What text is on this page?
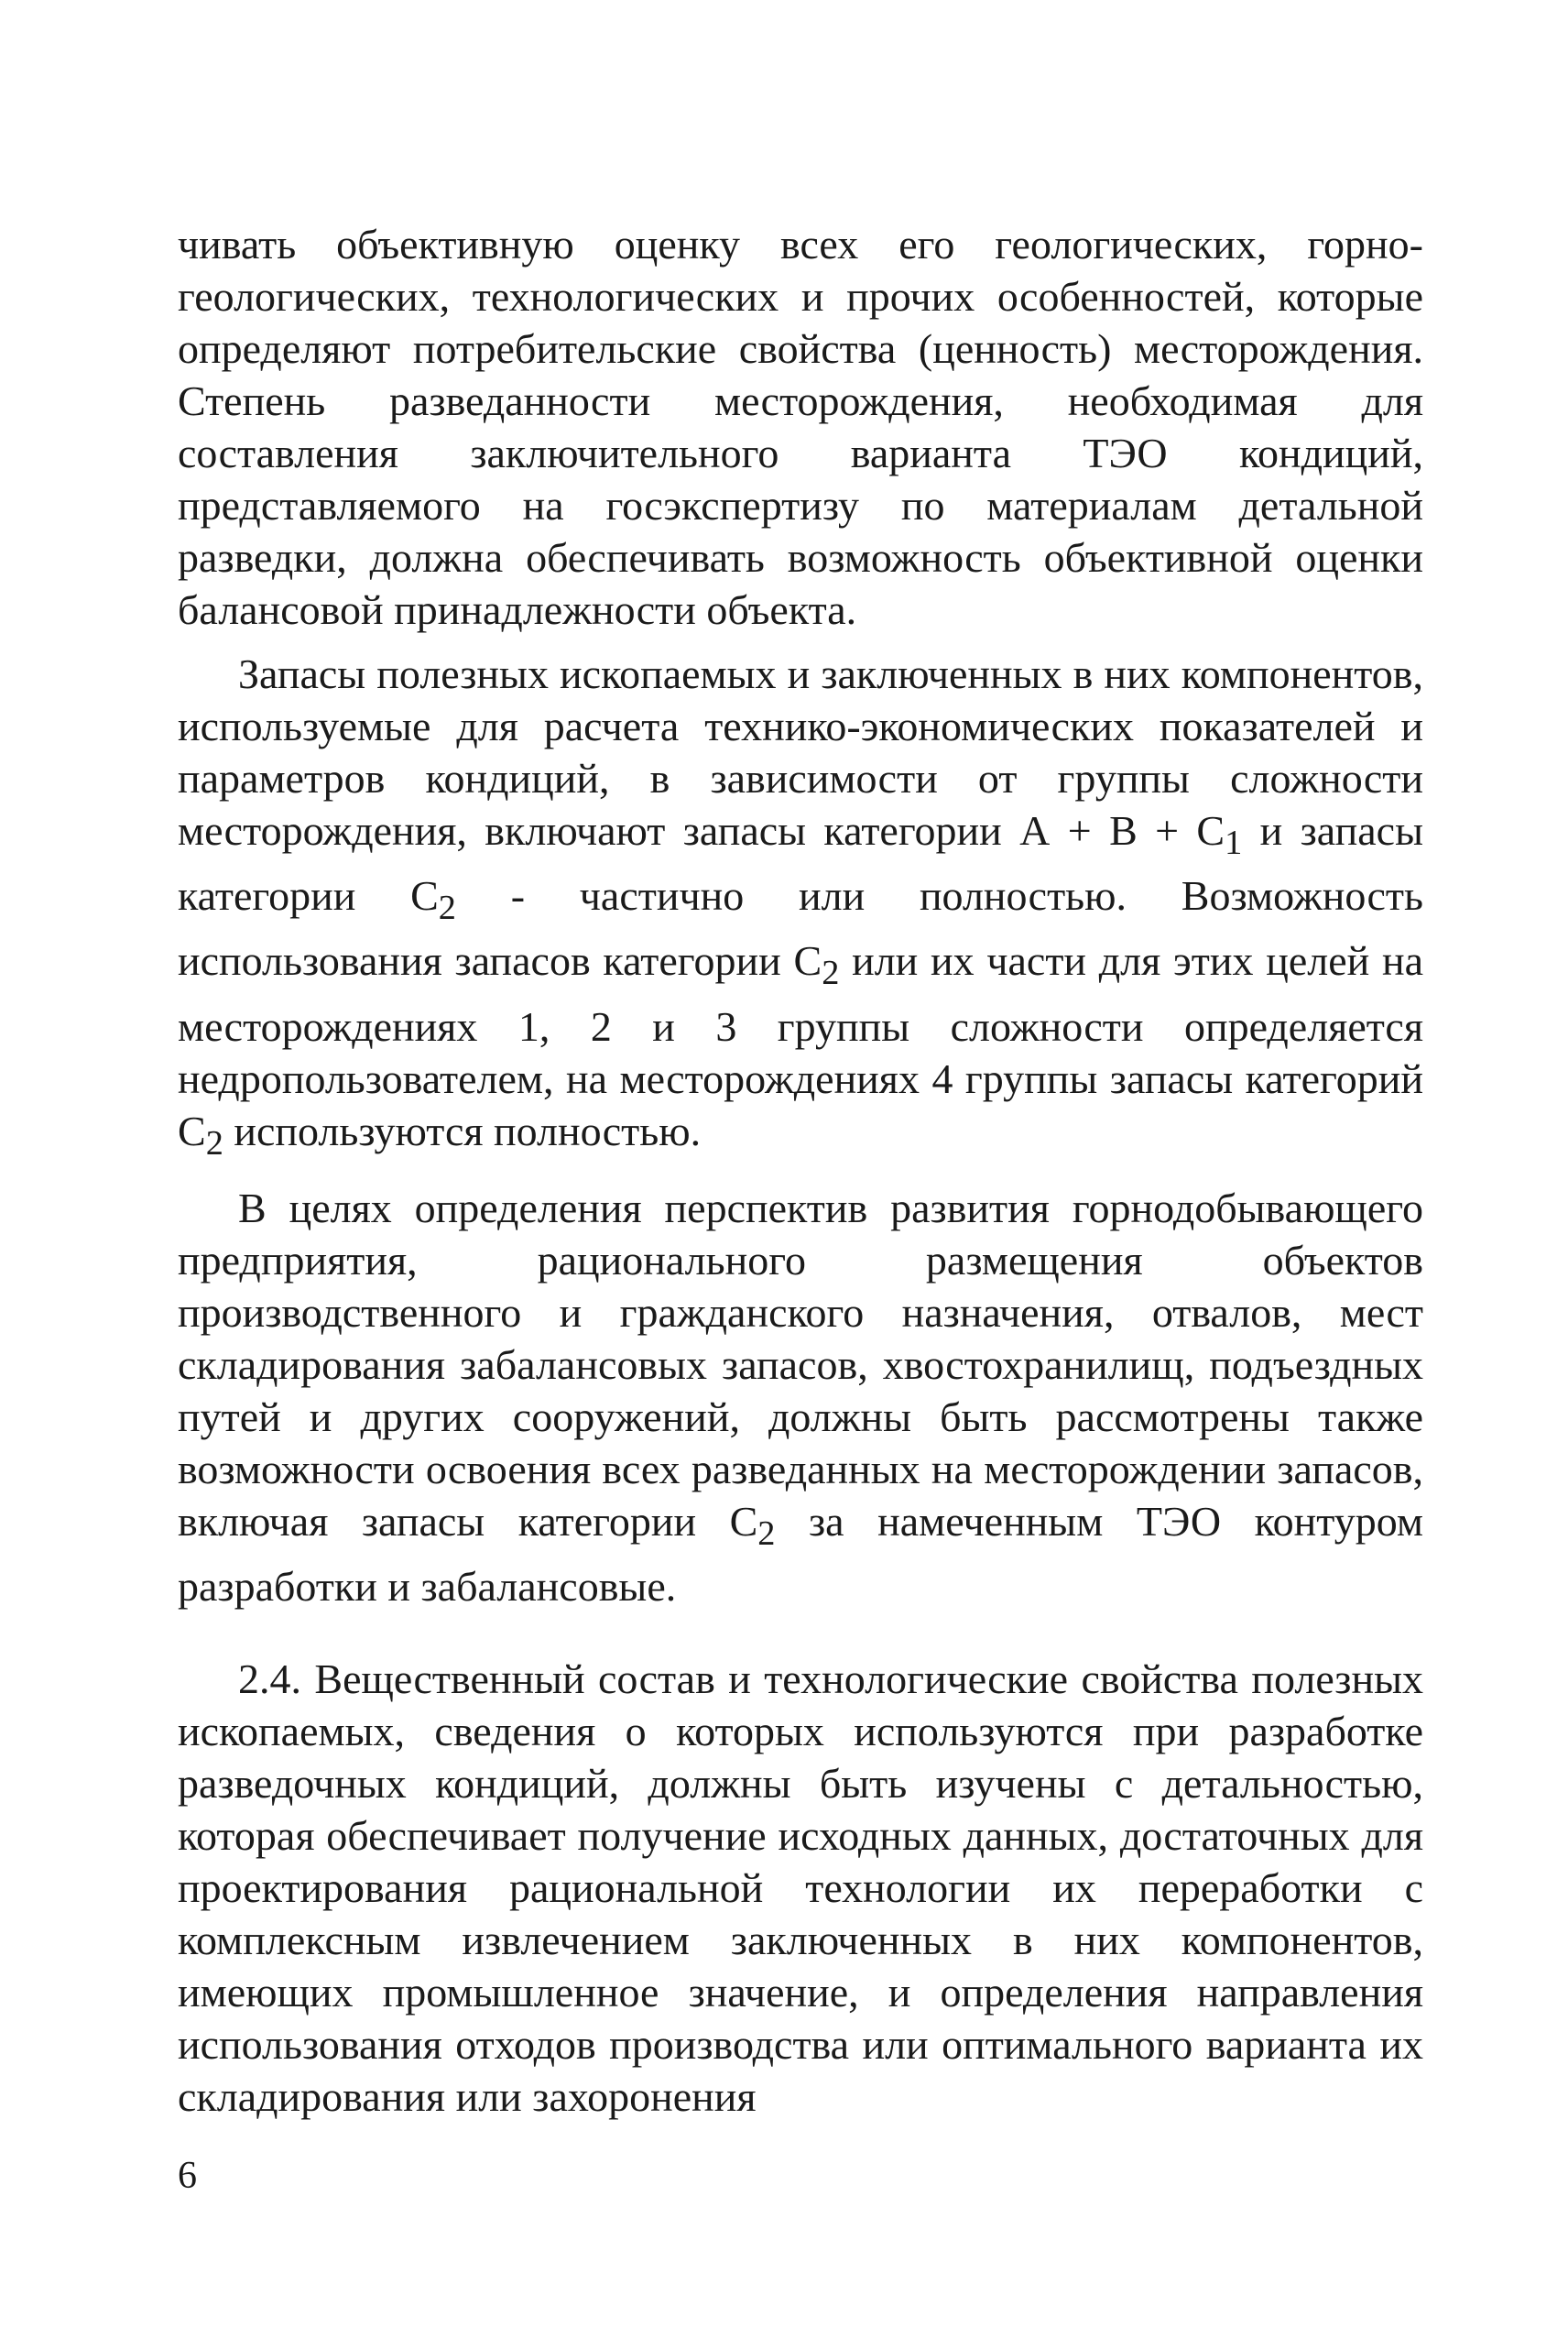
чивать объективную оценку всех его геологических, горно-геологических, технологических и прочих особенностей, которые определяют потребительские свойства (ценность) месторождения. Степень разведанности месторождения, необходимая для составления заключительного варианта ТЭО кондиций, представляемого на госэкспертизу по материалам детальной разведки, должна обеспечивать возможность объективной оценки балансовой принадлежности объекта.

Запасы полезных ископаемых и заключенных в них компонентов, используемые для расчета технико-экономических показателей и параметров кондиций, в зависимости от группы сложности месторождения, включают запасы категории $А + В + С_1$ и запасы категории $С_2$ - частично или полностью. Возможность использования запасов категории $С_2$ или их части для этих целей на месторождениях 1, 2 и 3 группы сложности определяется недропользователем, на месторождениях 4 группы запасы категорий $С_2$ используются полностью.

В целях определения перспектив развития горнодобывающего предприятия, рационального размещения объектов производственного и гражданского назначения, отвалов, мест складирования забалансовых запасов, хвостохранилищ, подъездных путей и других сооружений, должны быть рассмотрены также возможности освоения всех разведанных на месторождении запасов, включая запасы категории $С_2$ за намеченным ТЭО контуром разработки и забалансовые.

2.4. Вещественный состав и технологические свойства полезных ископаемых, сведения о которых используются при разработке разведочных кондиций, должны быть изучены с детальностью, которая обеспечивает получение исходных данных, достаточных для проектирования рациональной технологии их переработки с комплексным извлечением заключенных в них компонентов, имеющих промышленное значение, и определения направления использования отходов производства или оптимального варианта их складирования или захоронения

6
